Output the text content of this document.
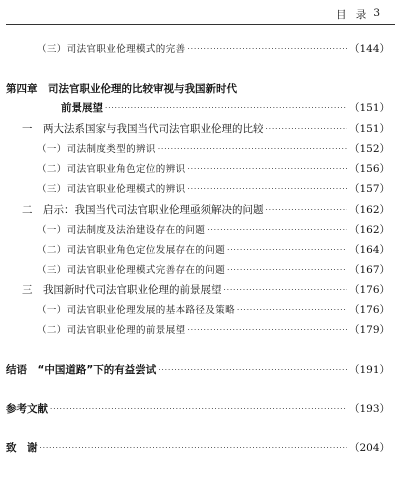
目 录 3
（三）司法官职业伦理模式的完善 ·····	（144）
第四章　司法官职业伦理的比较审视与我国新时代
前景展望 ·····	（151）
一　两大法系国家与我国当代司法官职业伦理的比较 ·····	（151）
（一）司法制度类型的辨识 ·····	（152）
（二）司法官职业角色定位的辨识 ·····	（156）
（三）司法官职业伦理模式的辨识 ·····	（157）
二　启示：我国当代司法官职业伦理亟须解决的问题 ·····	（162）
（一）司法制度及法治建设存在的问题 ·····	（162）
（二）司法官职业角色定位发展存在的问题 ·····	（164）
（三）司法官职业伦理模式完善存在的问题 ·····	（167）
三　我国新时代司法官职业伦理的前景展望 ·····	（176）
（一）司法官职业伦理发展的基本路径及策略 ·····	（176）
（二）司法官职业伦理的前景展望 ·····	（179）
结语　“中国道路”下的有益尝试 ·····	（191）
参考文献 ·····	（193）
致　谢 ·····	（204）
